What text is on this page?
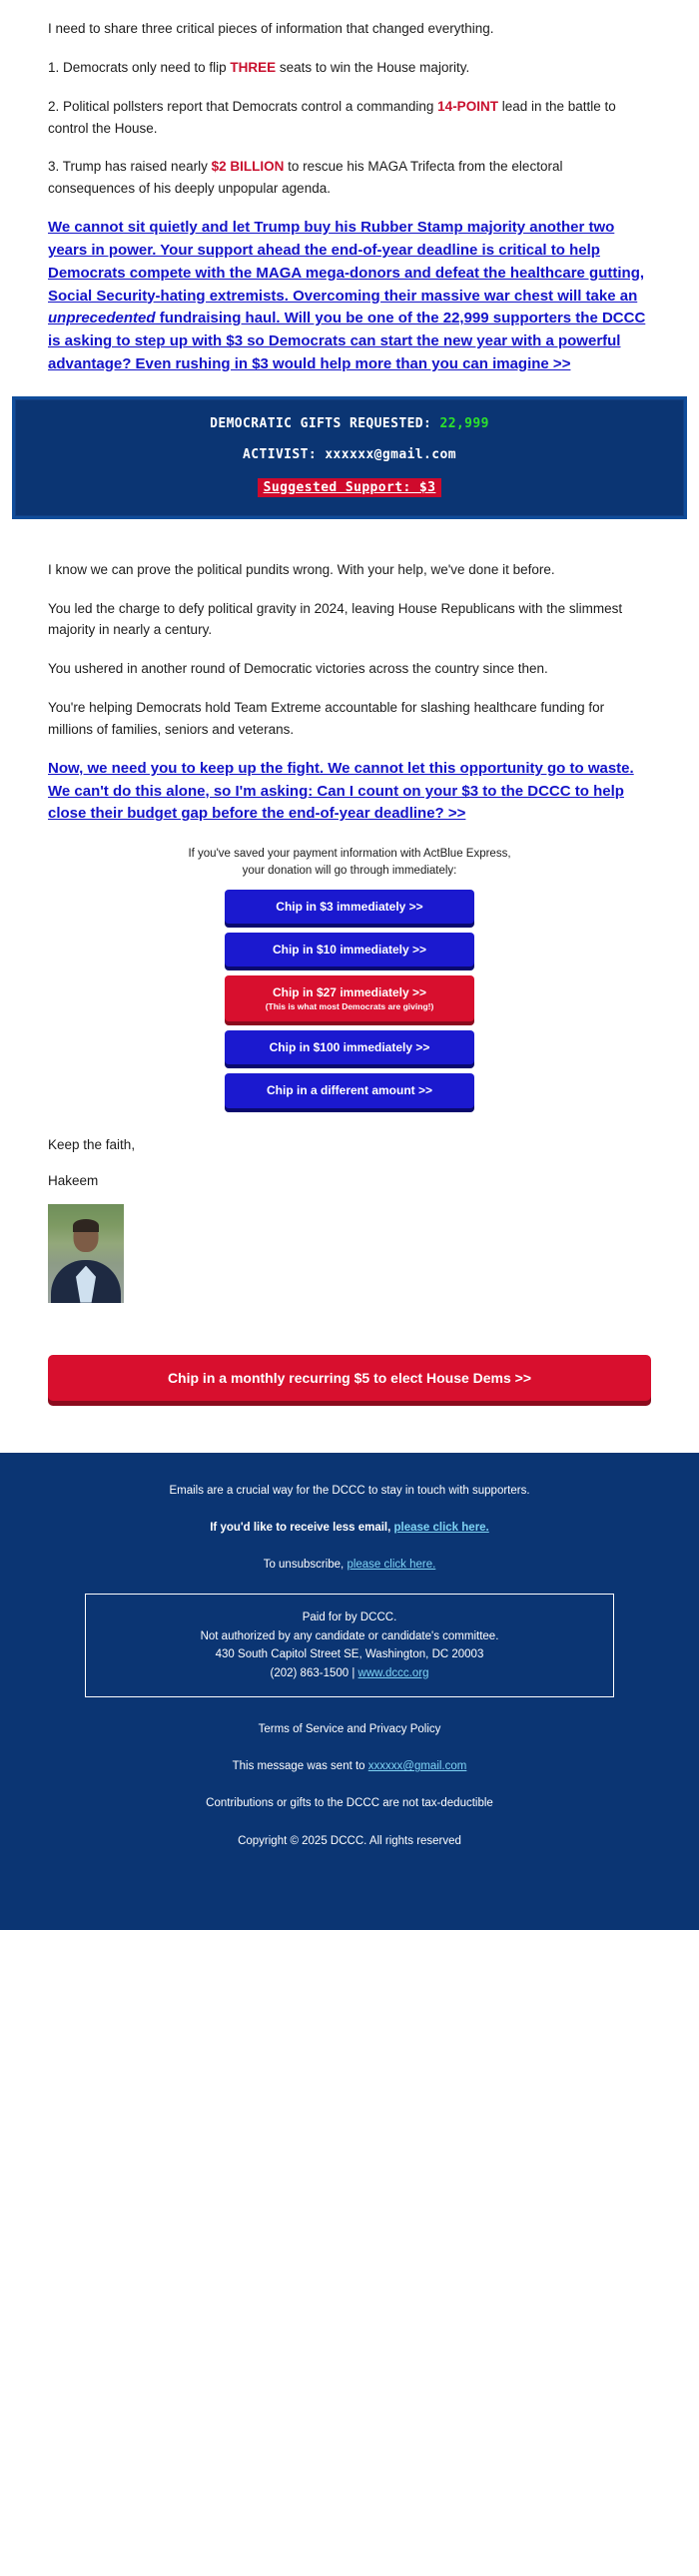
I need to share three critical pieces of information that changed everything.

1. Democrats only need to flip THREE seats to win the House majority.

2. Political pollsters report that Democrats control a commanding 14-POINT lead in the battle to control the House.

3. Trump has raised nearly $2 BILLION to rescue his MAGA Trifecta from the electoral consequences of his deeply unpopular agenda.

We cannot sit quietly and let Trump buy his Rubber Stamp majority another two years in power. Your support ahead the end-of-year deadline is critical to help Democrats compete with the MAGA mega-donors and defeat the healthcare gutting, Social Security-hating extremists. Overcoming their massive war chest will take an unprecedented fundraising haul. Will you be one of the 22,999 supporters the DCCC is asking to step up with $3 so Democrats can start the new year with a powerful advantage? Even rushing in $3 would help more than you can imagine >>
DEMOCRATIC GIFTS REQUESTED: 22,999
ACTIVIST: xxxxxx@gmail.com
Suggested Support: $3

I know we can prove the political pundits wrong. With your help, we've done it before.

You led the charge to defy political gravity in 2024, leaving House Republicans with the slimmest majority in nearly a century.

You ushered in another round of Democratic victories across the country since then.

You're helping Democrats hold Team Extreme accountable for slashing healthcare funding for millions of families, seniors and veterans.

Now, we need you to keep up the fight. We cannot let this opportunity go to waste. We can't do this alone, so I'm asking: Can I count on your $3 to the DCCC to help close their budget gap before the end-of-year deadline? >>
If you've saved your payment information with ActBlue Express,
your donation will go through immediately:
Chip in $3 immediately >>
Chip in $10 immediately >>
Chip in $27 immediately >>
(This is what most Democrats are giving!)
Chip in $100 immediately >>
Chip in a different amount >>

Keep the faith,

Hakeem

Chip in a monthly recurring $5 to elect House Dems >>

Emails are a crucial way for the DCCC to stay in touch with supporters.

If you'd like to receive less email, please click here.

To unsubscribe, please click here.

Paid for by DCCC.
Not authorized by any candidate or candidate's committee.
430 South Capitol Street SE, Washington, DC 20003
(202) 863-1500 | www.dccc.org

Terms of Service and Privacy Policy

This message was sent to xxxxxx@gmail.com

Contributions or gifts to the DCCC are not tax-deductible

Copyright © 2025 DCCC. All rights reserved
